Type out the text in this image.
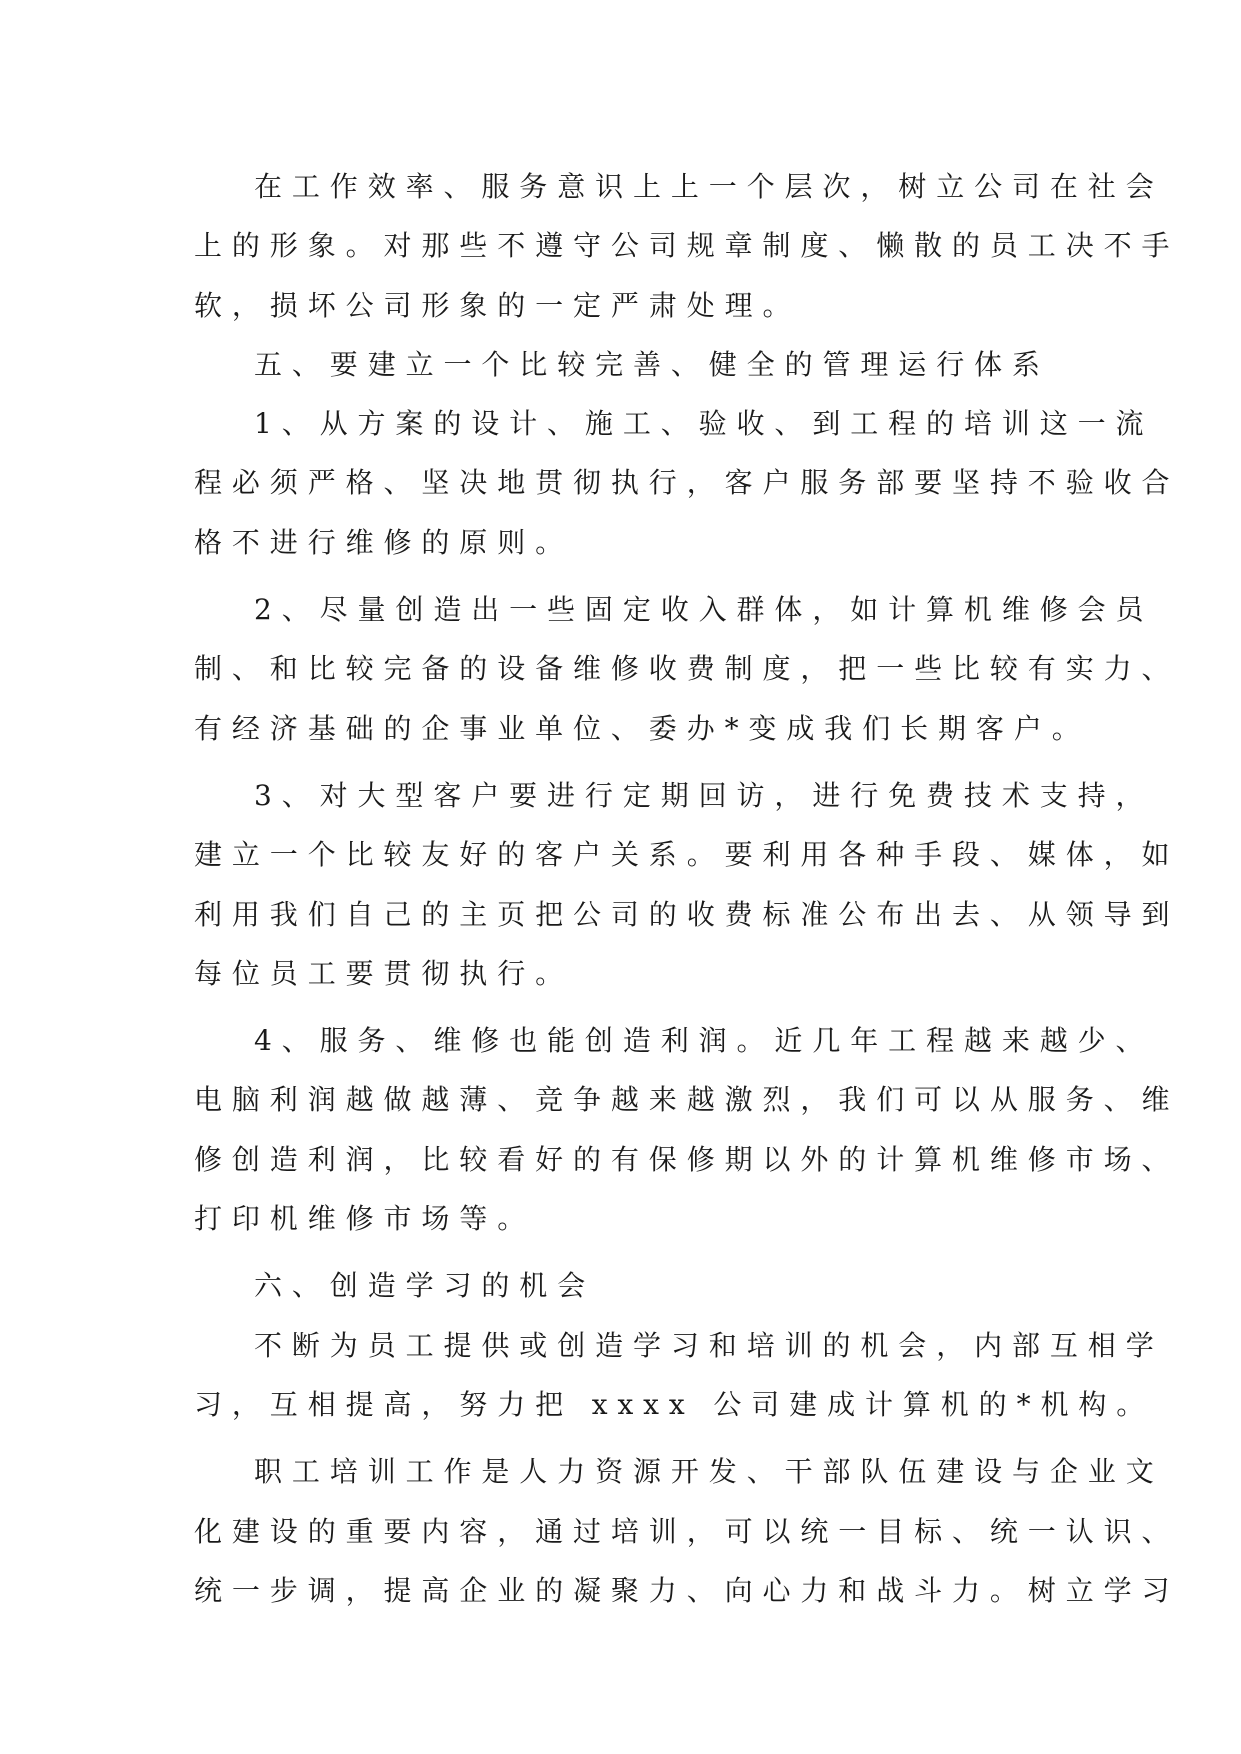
在工作效率、服务意识上上一个层次，树立公司在社会
上的形象。对那些不遵守公司规章制度、懒散的员工决不手
软，损坏公司形象的一定严肃处理。
五、要建立一个比较完善、健全的管理运行体系
1、从方案的设计、施工、验收、到工程的培训这一流
程必须严格、坚决地贯彻执行，客户服务部要坚持不验收合
格不进行维修的原则。
2、尽量创造出一些固定收入群体，如计算机维修会员
制、和比较完备的设备维修收费制度，把一些比较有实力、
有经济基础的企事业单位、委办*变成我们长期客户。
3、对大型客户要进行定期回访，进行免费技术支持，
建立一个比较友好的客户关系。要利用各种手段、媒体，如
利用我们自己的主页把公司的收费标准公布出去、从领导到
每位员工要贯彻执行。
4、服务、维修也能创造利润。近几年工程越来越少、
电脑利润越做越薄、竞争越来越激烈，我们可以从服务、维
修创造利润，比较看好的有保修期以外的计算机维修市场、
打印机维修市场等。
六、创造学习的机会
不断为员工提供或创造学习和培训的机会，内部互相学
习，互相提高，努力把 xxxx 公司建成计算机的*机构。
职工培训工作是人力资源开发、干部队伍建设与企业文
化建设的重要内容，通过培训，可以统一目标、统一认识、
统一步调，提高企业的凝聚力、向心力和战斗力。树立学习
